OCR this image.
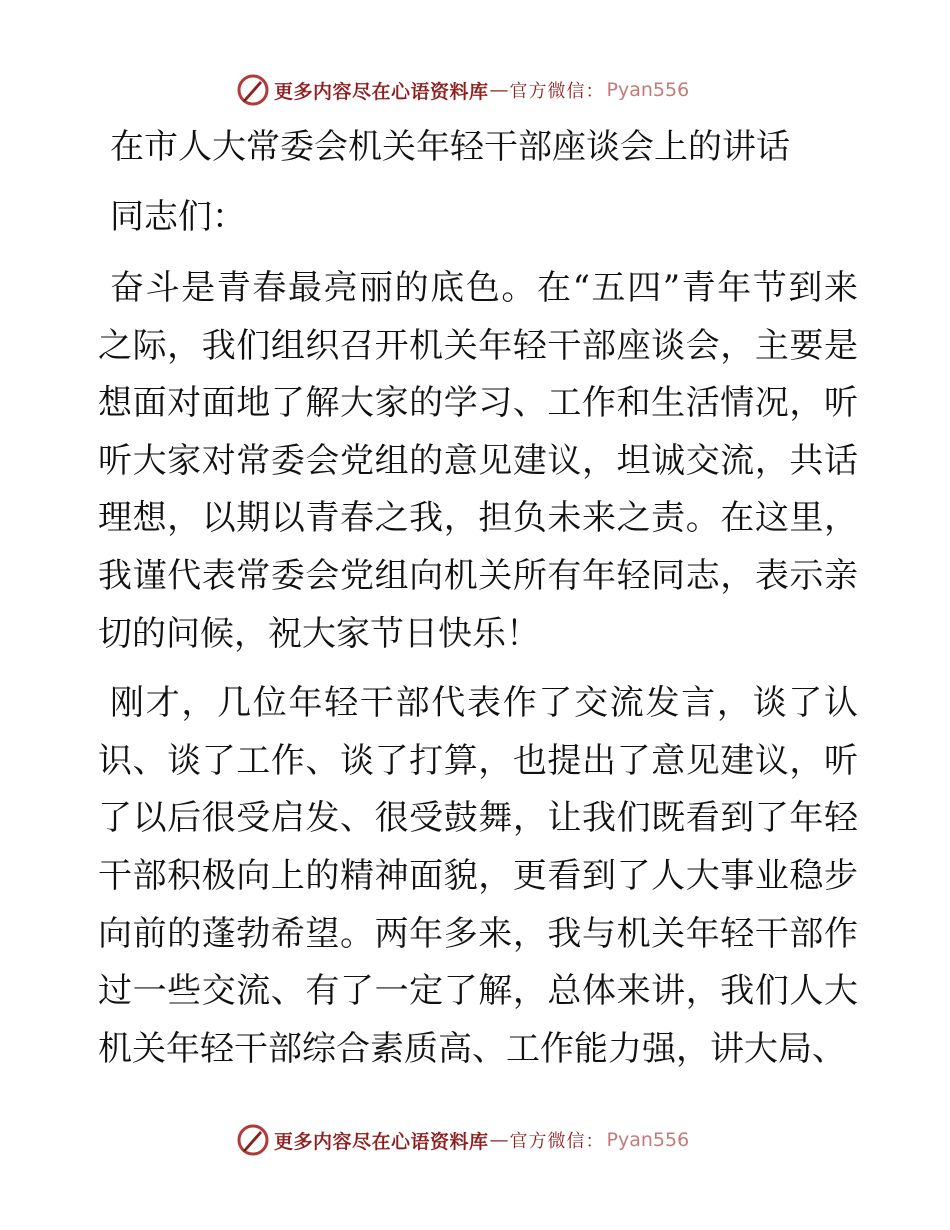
更多内容尽在心语资料库 — 官方微信： Pyan556

在市人大常委会机关年轻干部座谈会上的讲话

同志们：

奋斗是青春最亮丽的底色。在“五四”青年节到来之际，我们组织召开机关年轻干部座谈会，主要是想面对面地了解大家的学习、工作和生活情况，听听大家对常委会党组的意见建议，坦诚交流，共话理想，以期以青春之我，担负未来之责。在这里，我谨代表常委会党组向机关所有年轻同志，表示亲切的问候，祝大家节日快乐！

刚才，几位年轻干部代表作了交流发言，谈了认识、谈了工作、谈了打算，也提出了意见建议，听了以后很受启发、很受鼓舞，让我们既看到了年轻干部积极向上的精神面貌，更看到了人大事业稳步向前的蓬勃希望。两年多来，我与机关年轻干部作过一些交流、有了一定了解，总体来讲，我们人大机关年轻干部综合素质高、工作能力强，讲大局、

更多内容尽在心语资料库 — 官方微信： Pyan556
